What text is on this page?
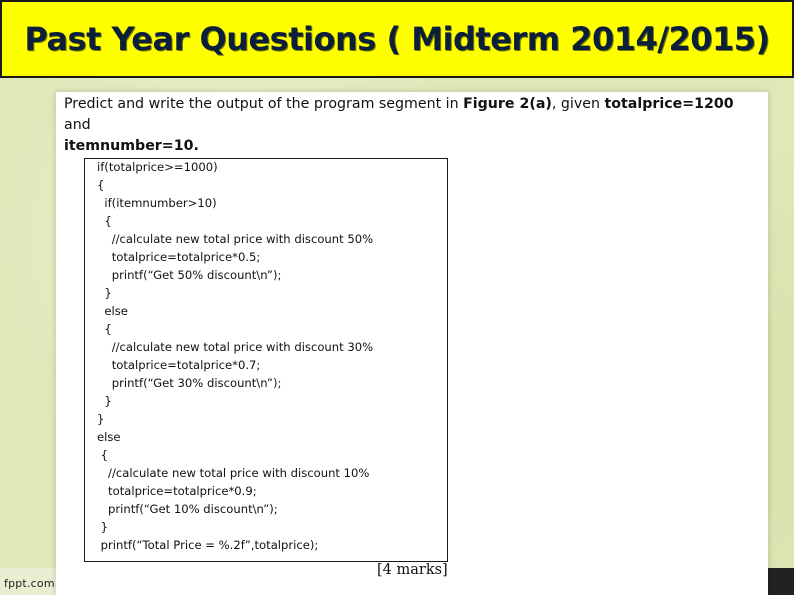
Past Year Questions ( Midterm 2014/2015)
Predict and write the output of the program segment in Figure 2(a), given totalprice=1200 and
itemnumber=10.
if(totalprice>=1000)
{
if(itemnumber>10)
{
//calculate new total price with discount 50%
totalprice=totalprice*0.5;
printf(“Get 50% discount\n”);
}
else
{
//calculate new total price with discount 30%
totalprice=totalprice*0.7;
printf(“Get 30% discount\n”);
}
}
else
{
//calculate new total price with discount 10%
totalprice=totalprice*0.9;
printf(“Get 10% discount\n”);
}
printf(“Total Price = %.2f”,totalprice);
[4 marks]
fppt.com
